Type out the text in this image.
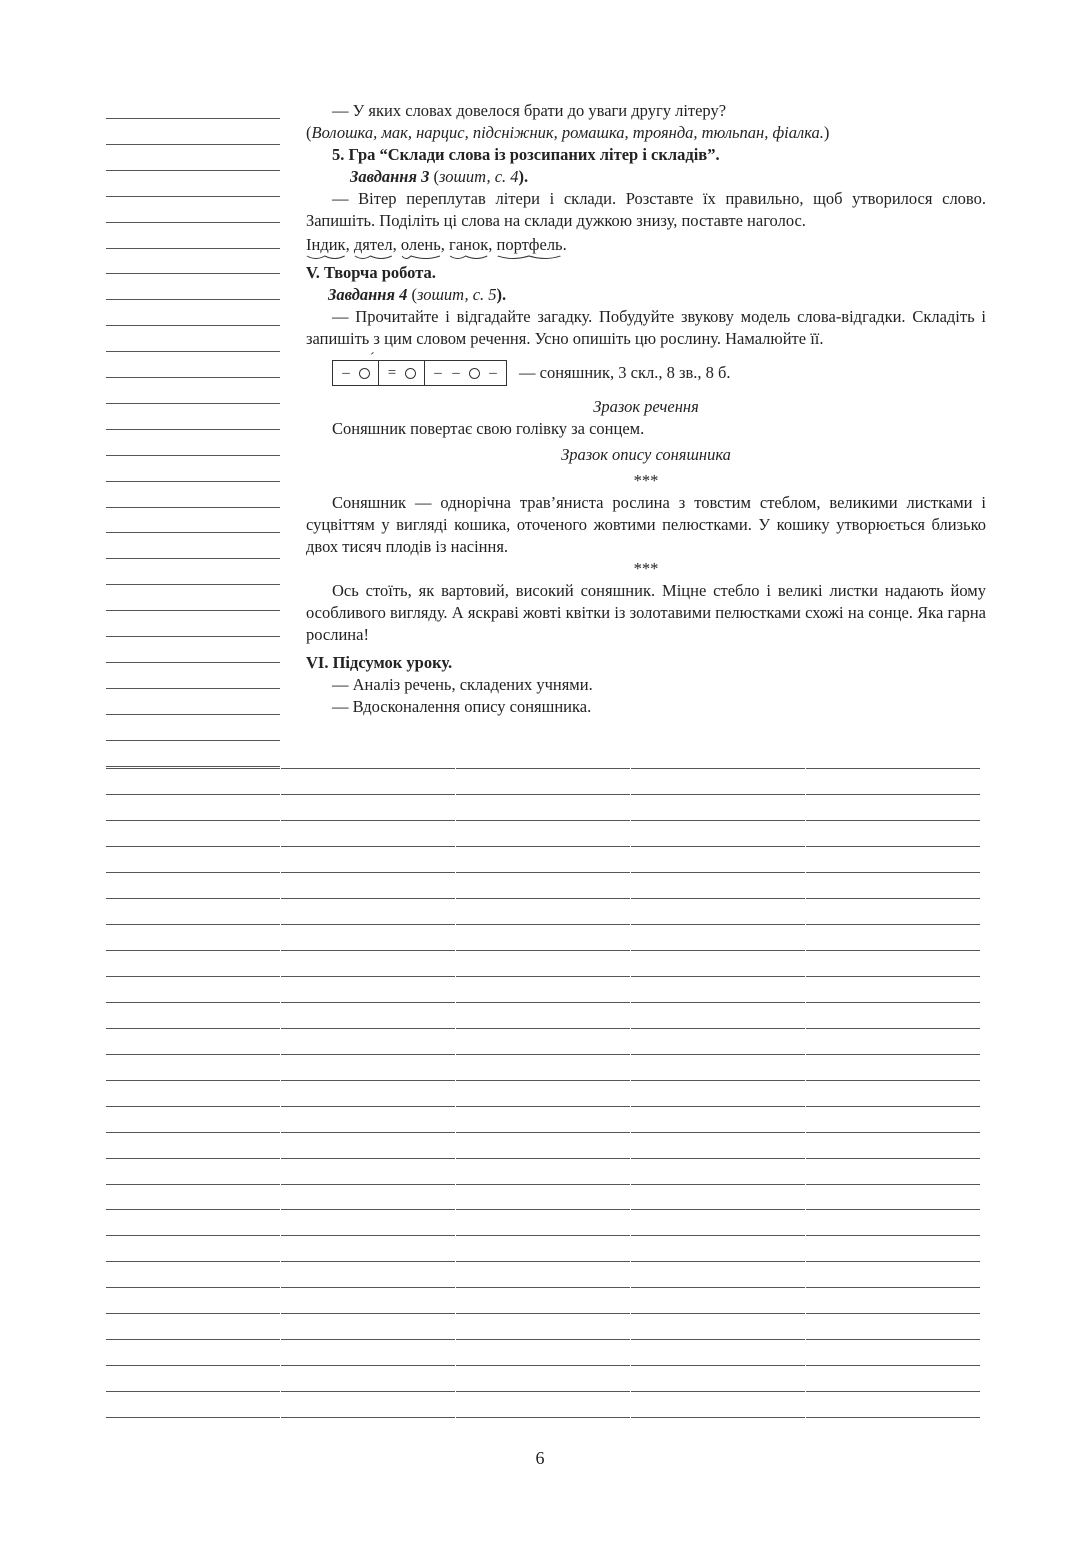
— У яких словах довелося брати до уваги другу літеру?

(Волошка, мак, нарцис, підсніжник, ромашка, троянда, тюльпан, фіалка.)

5. Гра “Склади слова із розсипаних літер і складів”.

Завдання 3 (зошит, с. 4).

— Вітер переплутав літери і склади. Розставте їх правильно, щоб утворилося слово. Запишіть. Поділіть ці слова на склади дужкою знизу, поставте наголос.

Індик
, дятел
, олень
, ганок
, портфель
.

V. Творча робота.

Завдання 4 (зошит, с. 5).

— Прочитайте і відгадайте загадку. Побудуйте звукову модель слова-відгадки. Складіть і запишіть з цим словом речення. Усно опишіть цю рослину. Намалюйте її.

´
–	=	– –	–	— соняшник, 3 скл., 8 зв., 8 б.

Зразок речення

Соняшник повертає свою голівку за сонцем.

Зразок опису соняшника

***

Соняшник — однорічна трав’яниста рослина з товстим стеблом, великими листками і суцвіттям у вигляді кошика, оточеного жовтими пелюстками. У кошику утворюється близько двох тисяч плодів із насіння.

***

Ось стоїть, як вартовий, високий соняшник. Міцне стебло і великі листки надають йому особливого вигляду. А яскраві жовті квітки із золотавими пелюстками схожі на сонце. Яка гарна рослина!

VI. Підсумок уроку.

— Аналіз речень, складених учнями.

— Вдосконалення опису соняшника.

6
